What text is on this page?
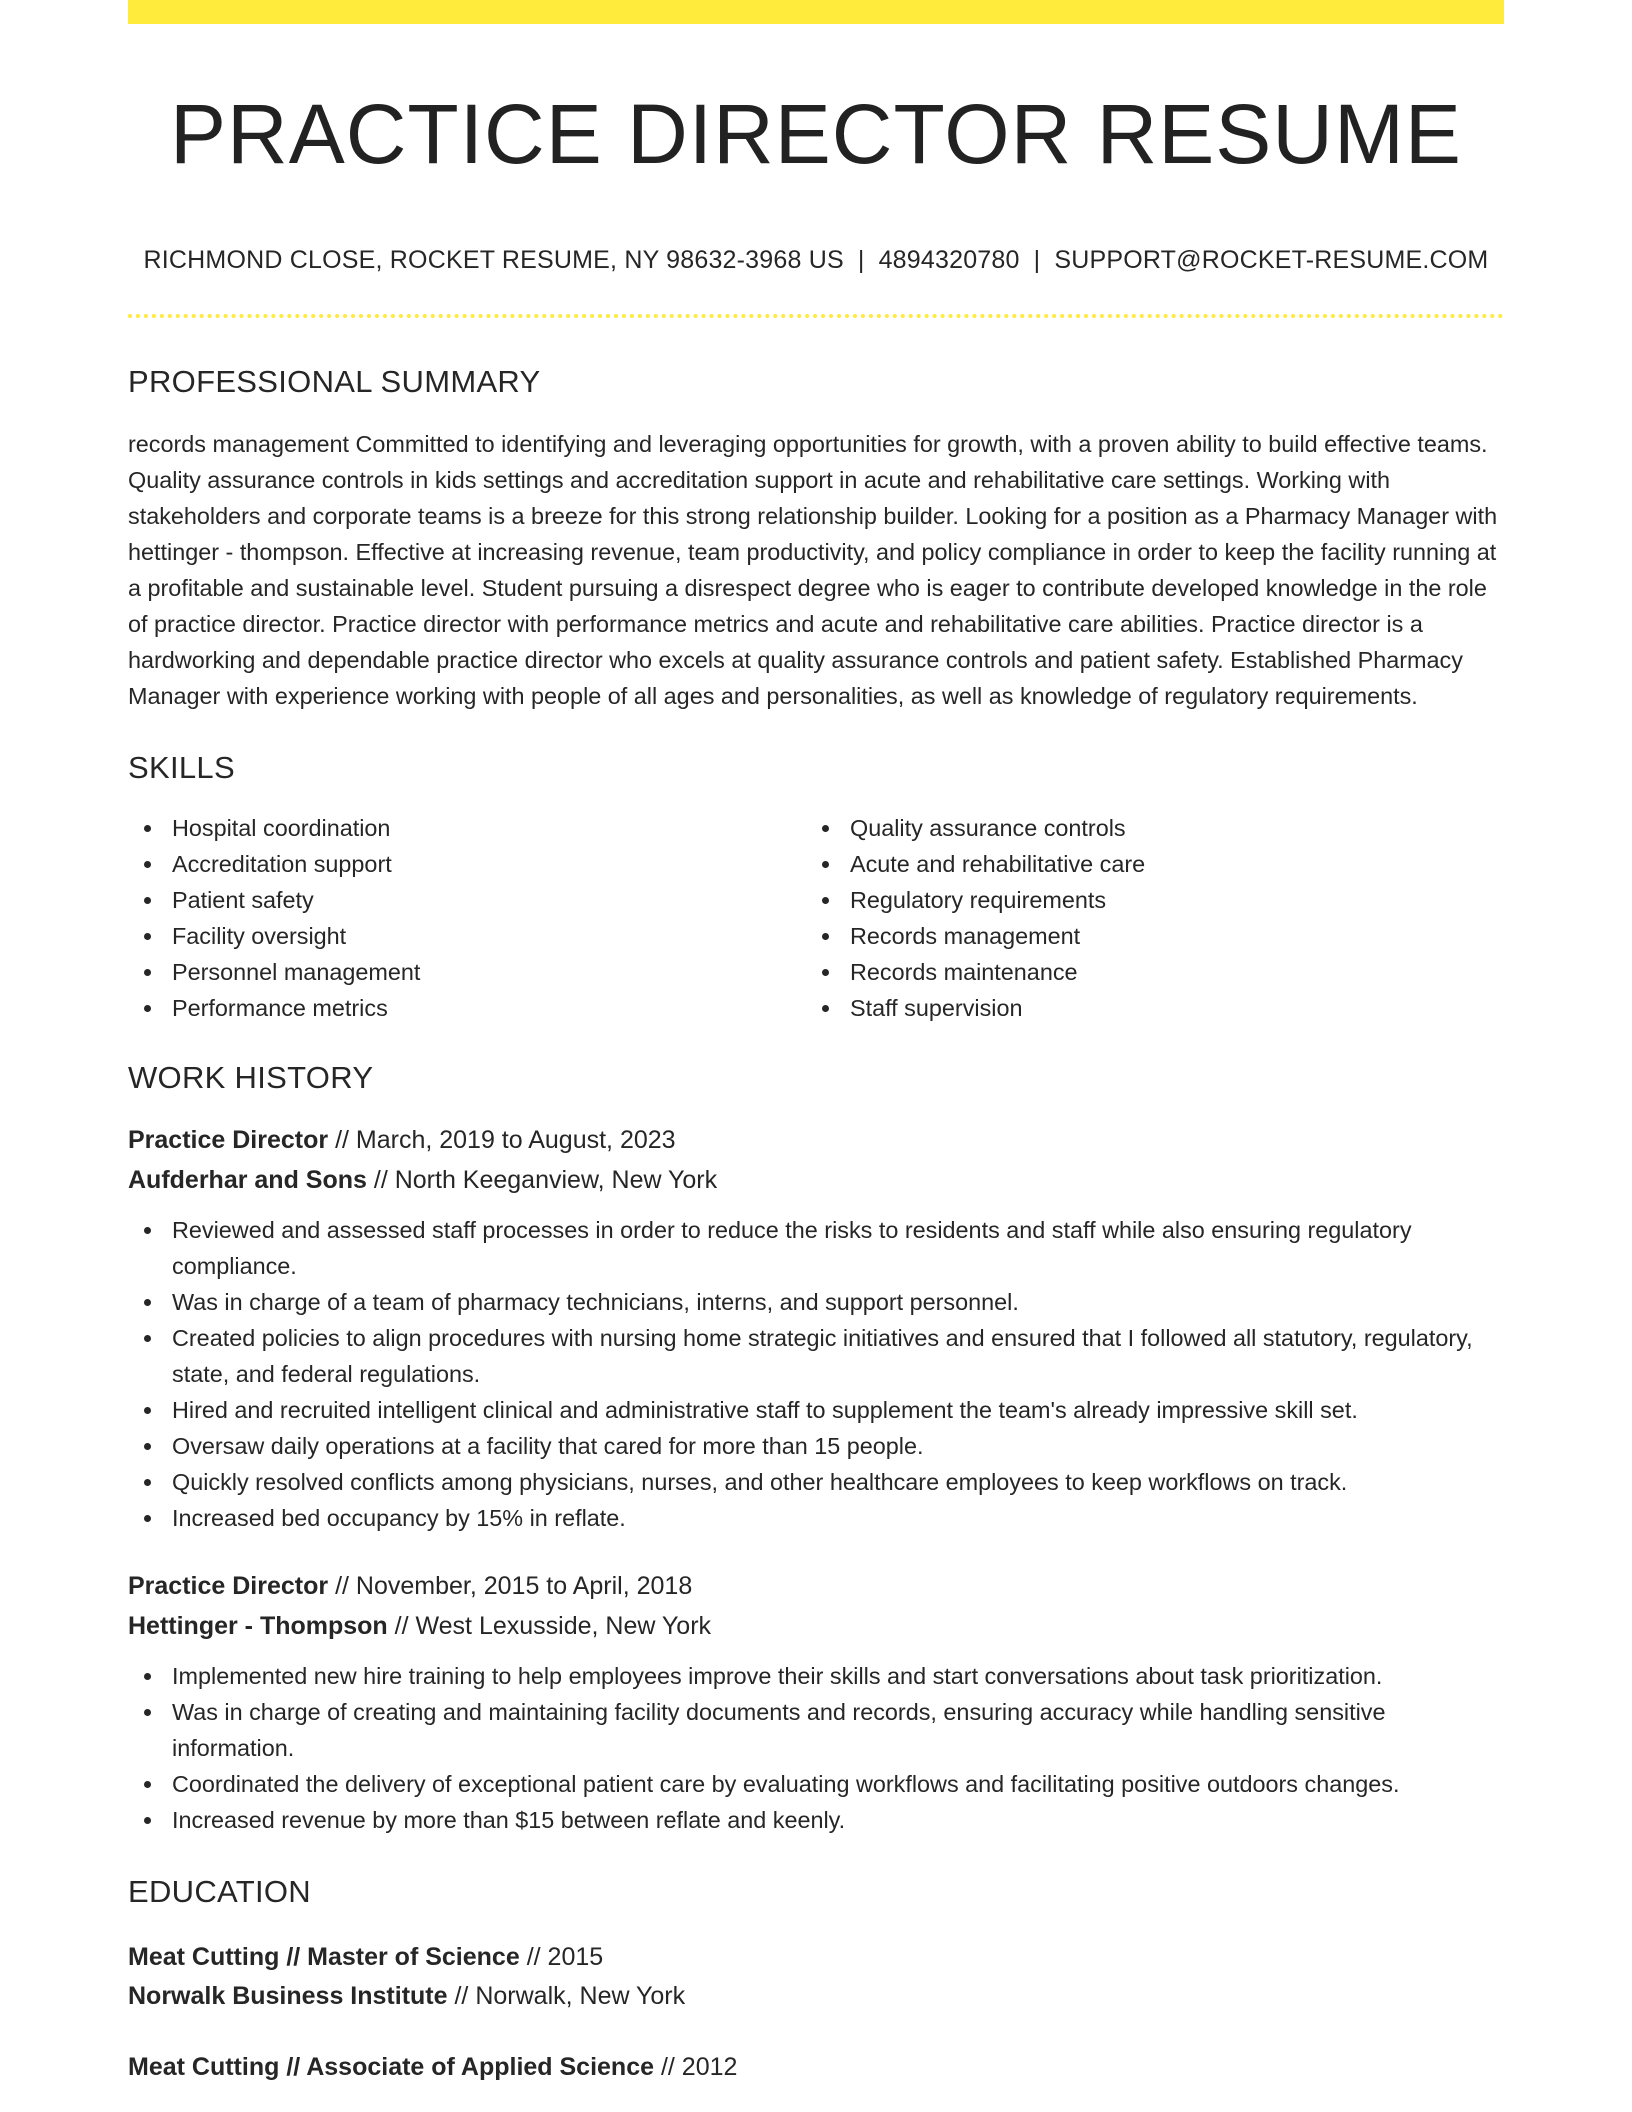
PRACTICE DIRECTOR RESUME
RICHMOND CLOSE, ROCKET RESUME, NY 98632-3968 US | 4894320780 | SUPPORT@ROCKET-RESUME.COM
PROFESSIONAL SUMMARY
records management Committed to identifying and leveraging opportunities for growth, with a proven ability to build effective teams. Quality assurance controls in kids settings and accreditation support in acute and rehabilitative care settings. Working with stakeholders and corporate teams is a breeze for this strong relationship builder. Looking for a position as a Pharmacy Manager with hettinger - thompson. Effective at increasing revenue, team productivity, and policy compliance in order to keep the facility running at a profitable and sustainable level. Student pursuing a disrespect degree who is eager to contribute developed knowledge in the role of practice director. Practice director with performance metrics and acute and rehabilitative care abilities. Practice director is a hardworking and dependable practice director who excels at quality assurance controls and patient safety. Established Pharmacy Manager with experience working with people of all ages and personalities, as well as knowledge of regulatory requirements.
SKILLS
Hospital coordination
Accreditation support
Patient safety
Facility oversight
Personnel management
Performance metrics
Quality assurance controls
Acute and rehabilitative care
Regulatory requirements
Records management
Records maintenance
Staff supervision
WORK HISTORY
Practice Director // March, 2019 to August, 2023
Aufderhar and Sons // North Keeganview, New York
Reviewed and assessed staff processes in order to reduce the risks to residents and staff while also ensuring regulatory compliance.
Was in charge of a team of pharmacy technicians, interns, and support personnel.
Created policies to align procedures with nursing home strategic initiatives and ensured that I followed all statutory, regulatory, state, and federal regulations.
Hired and recruited intelligent clinical and administrative staff to supplement the team's already impressive skill set.
Oversaw daily operations at a facility that cared for more than 15 people.
Quickly resolved conflicts among physicians, nurses, and other healthcare employees to keep workflows on track.
Increased bed occupancy by 15% in reflate.
Practice Director // November, 2015 to April, 2018
Hettinger - Thompson // West Lexusside, New York
Implemented new hire training to help employees improve their skills and start conversations about task prioritization.
Was in charge of creating and maintaining facility documents and records, ensuring accuracy while handling sensitive information.
Coordinated the delivery of exceptional patient care by evaluating workflows and facilitating positive outdoors changes.
Increased revenue by more than $15 between reflate and keenly.
EDUCATION
Meat Cutting // Master of Science // 2015
Norwalk Business Institute // Norwalk, New York
Meat Cutting // Associate of Applied Science // 2012
